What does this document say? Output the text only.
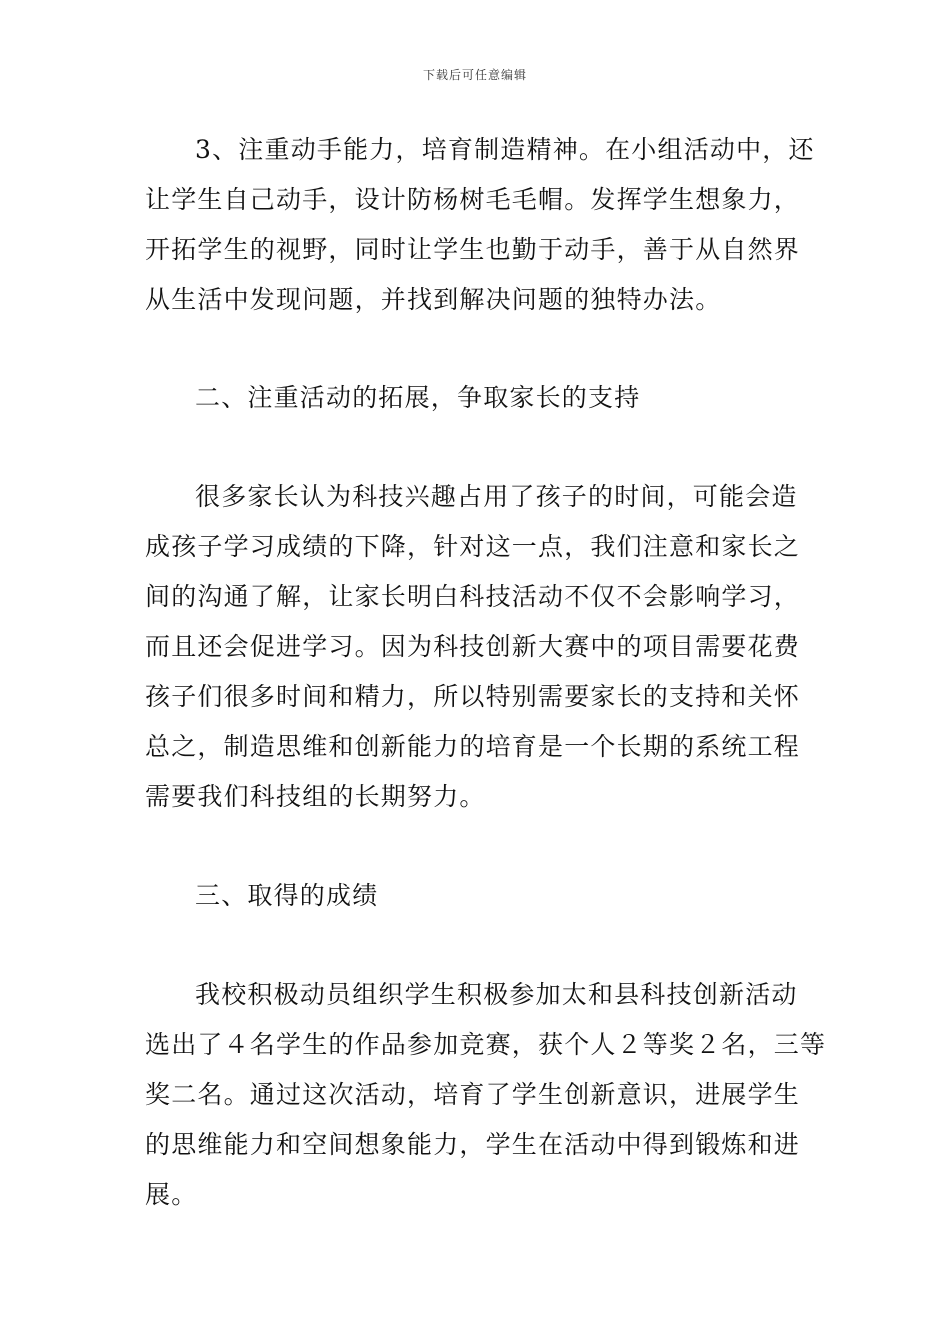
下载后可任意编辑
3、注重动手能力，培育制造精神。在小组活动中，还
让学生自己动手，设计防杨树毛毛帽。发挥学生想象力，
开拓学生的视野，同时让学生也勤于动手，善于从自然界
从生活中发现问题，并找到解决问题的独特办法。
二、注重活动的拓展，争取家长的支持
很多家长认为科技兴趣占用了孩子的时间，可能会造
成孩子学习成绩的下降，针对这一点，我们注意和家长之
间的沟通了解，让家长明白科技活动不仅不会影响学习，
而且还会促进学习。因为科技创新大赛中的项目需要花费
孩子们很多时间和精力，所以特别需要家长的支持和关怀
总之，制造思维和创新能力的培育是一个长期的系统工程
需要我们科技组的长期努力。
三、取得的成绩
我校积极动员组织学生积极参加太和县科技创新活动
选出了４名学生的作品参加竞赛，获个人２等奖２名，三等
奖二名。通过这次活动，培育了学生创新意识，进展学生
的思维能力和空间想象能力，学生在活动中得到锻炼和进
展。
